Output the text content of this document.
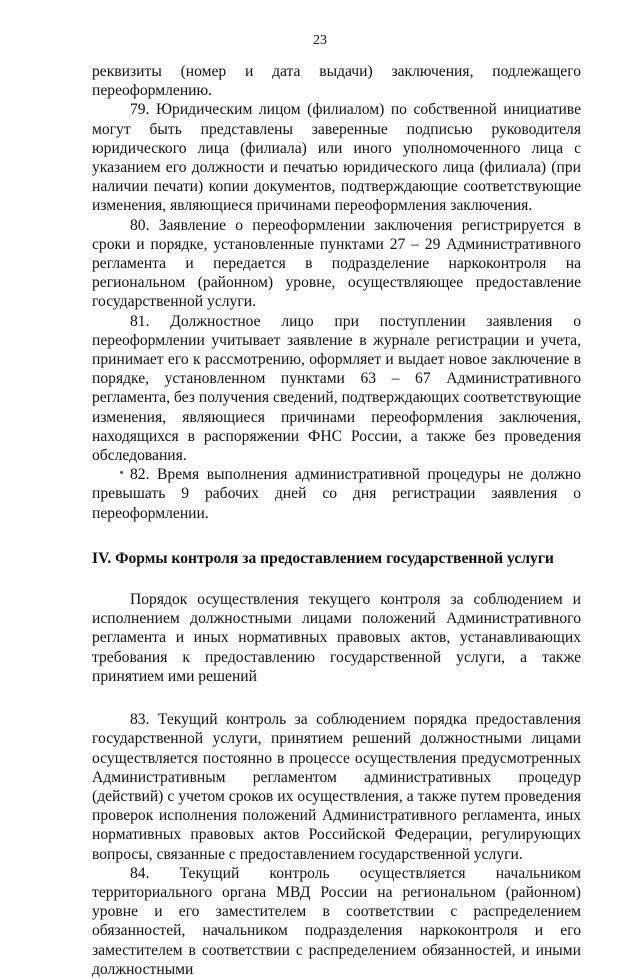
23

реквизиты (номер и дата выдачи) заключения, подлежащего переоформлению.

79. Юридическим лицом (филиалом) по собственной инициативе могут быть представлены заверенные подписью руководителя юридического лица (филиала) или иного уполномоченного лица с указанием его должности и печатью юридического лица (филиала) (при наличии печати) копии документов, подтверждающие соответствующие изменения, являющиеся причинами переоформления заключения.

80. Заявление о переоформлении заключения регистрируется в сроки и порядке, установленные пунктами 27 – 29 Административного регламента и передается в подразделение наркоконтроля на региональном (районном) уровне, осуществляющее предоставление государственной услуги.

81. Должностное лицо при поступлении заявления о переоформлении учитывает заявление в журнале регистрации и учета, принимает его к рассмотрению, оформляет и выдает новое заключение в порядке, установленном пунктами 63 – 67 Административного регламента, без получения сведений, подтверждающих соответствующие изменения, являющиеся причинами переоформления заключения, находящихся в распоряжении ФНС России, а также без проведения обследования.

82. Время выполнения административной процедуры не должно превышать 9 рабочих дней со дня регистрации заявления о переоформлении.

IV. Формы контроля за предоставлением государственной услуги

Порядок осуществления текущего контроля за соблюдением и исполнением должностными лицами положений Административного регламента и иных нормативных правовых актов, устанавливающих требования к предоставлению государственной услуги, а также принятием ими решений

83. Текущий контроль за соблюдением порядка предоставления государственной услуги, принятием решений должностными лицами осуществляется постоянно в процессе осуществления предусмотренных Административным регламентом административных процедур (действий) с учетом сроков их осуществления, а также путем проведения проверок исполнения положений Административного регламента, иных нормативных правовых актов Российской Федерации, регулирующих вопросы, связанные с предоставлением государственной услуги.

84. Текущий контроль осуществляется начальником территориального органа МВД России на региональном (районном) уровне и его заместителем в соответствии с распределением обязанностей, начальником подразделения наркоконтроля и его заместителем в соответствии с распределением обязанностей, и иными должностными
